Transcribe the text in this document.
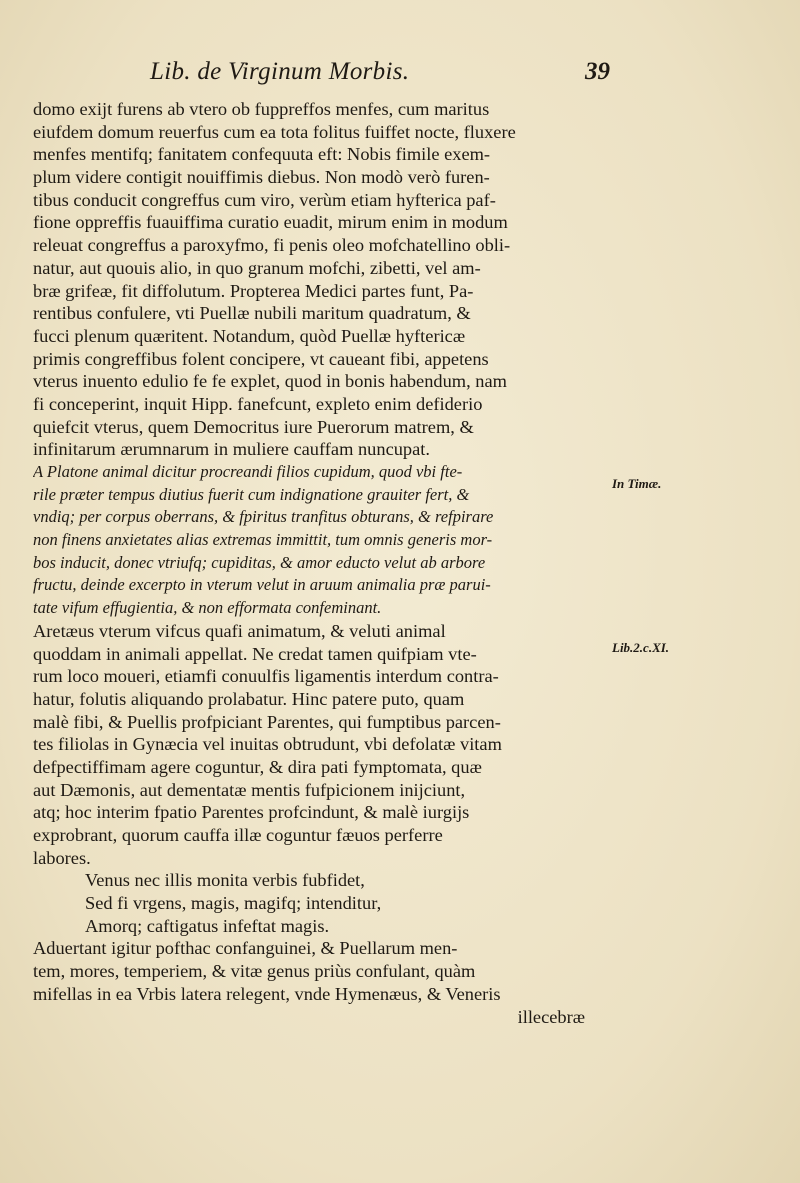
Lib. de Virginum Morbis.	39
domo exijt furens ab vtero ob fuppreffos menfes, cum maritus
eiufdem domum reuerfus cum ea tota folitus fuiffet nocte, fluxere
menfes mentifq; fanitatem confequuta eft: Nobis fimile exem-
plum videre contigit nouiffimis diebus. Non modò verò furen-
tibus conducit congreffus cum viro, verùm etiam hyfterica paf-
fione oppreffis fuauiffima curatio euadit, mirum enim in modum
releuat congreffus a paroxyfmo, fi penis oleo mofchatellino obli-
natur, aut quouis alio, in quo granum mofchi, zibetti, vel am-
bræ grifeæ, fit diffolutum. Propterea Medici partes funt, Pa-
rentibus confulere, vti Puellæ nubili maritum quadratum, &
fucci plenum quæritent. Notandum, quòd Puellæ hyftericæ
primis congreffibus folent concipere, vt caueant fibi, appetens
vterus inuento edulio fe fe explet, quod in bonis habendum, nam
fi conceperint, inquit Hipp. fanefcunt, expleto enim defiderio
quiefcit vterus, quem Democritus iure Puerorum matrem, &
infinitarum ærumnarum in muliere cauffam nuncupat.
A Platone animal dicitur procreandi filios cupidum, quod vbi fte-
rile præter tempus diutius fuerit cum indignatione grauiter fert, &
vndiq; per corpus oberrans, & fpiritus tranfitus obturans, & refpirare
non finens anxietates alias extremas immittit, tum omnis generis mor-
bos inducit, donec vtriufq; cupiditas, & amor educto velut ab arbore
fructu, deinde excerpto in vterum velut in aruum animalia præ parui-
tate vifum effugientia, & non efformata confeminant.
Aretæus vterum vifcus quafi animatum, & veluti animal
quoddam in animali appellat. Ne credat tamen quifpiam vte-
rum loco moueri, etiamfi conuulfis ligamentis interdum contra-
hatur, folutis aliquando prolabatur. Hinc patere puto, quam
malè fibi, & Puellis profpiciant Parentes, qui fumptibus parcen-
tes filiolas in Gynæcia vel inuitas obtrudunt, vbi defolatæ vitam
defpectiffimam agere coguntur, & dira pati fymptomata, quæ
aut Dæmonis, aut dementatæ mentis fufpicionem inijciunt,
atq; hoc interim fpatio Parentes profcindunt, & malè iurgijs
exprobrant, quorum cauffa illæ coguntur fæuos perferre
labores.
Venus nec illis monita verbis fubfidet,
Sed fi vrgens, magis, magifq; intenditur,
Amorq; caftigatus infeftat magis.
Aduertant igitur pofthac confanguinei, & Puellarum men-
tem, mores, temperiem, & vitæ genus priùs confulant, quàm
mifellas in ea Vrbis latera relegent, vnde Hymenæus, & Veneris
illecebræ
In Timæ.
Lib.2.c.XI.
